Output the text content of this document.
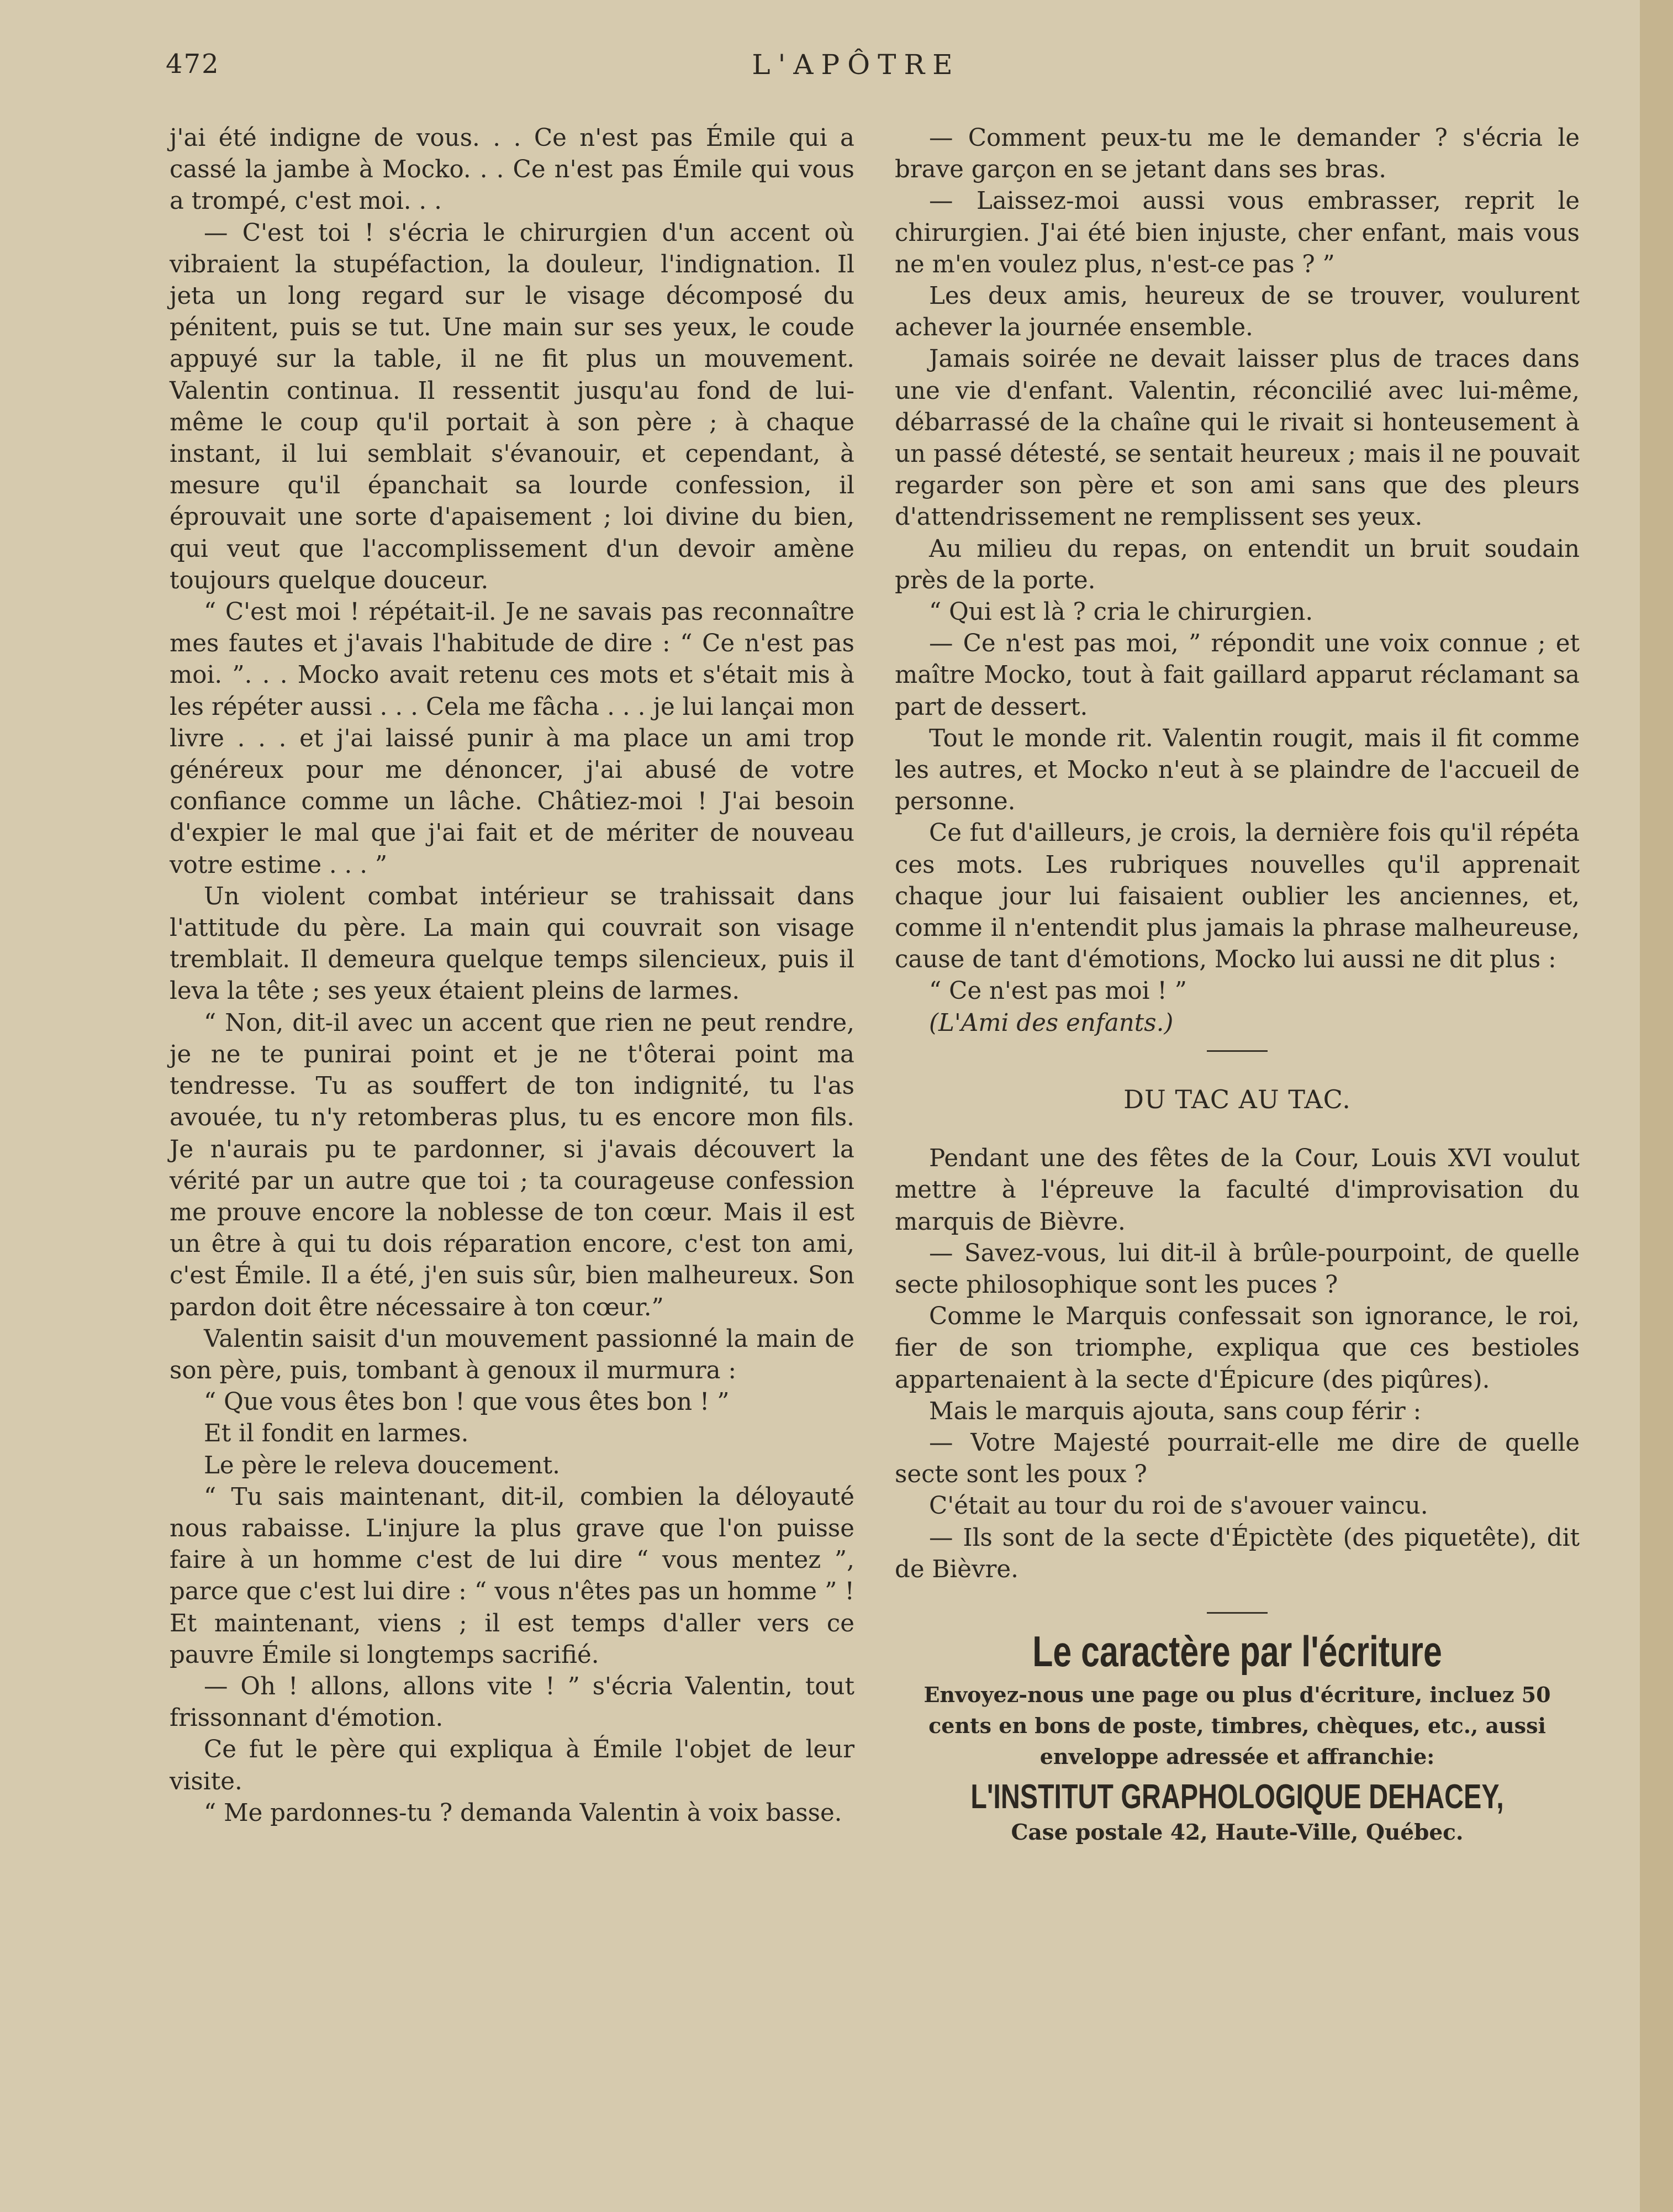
472	L'APÔTRE

j'ai été indigne de vous. . . Ce n'est pas Émile qui a cassé la jambe à Mocko. . . Ce n'est pas Émile qui vous a trompé, c'est moi. . .

— C'est toi ! s'écria le chirurgien d'un accent où vibraient la stupéfaction, la douleur, l'indignation. Il jeta un long regard sur le visage décomposé du pénitent, puis se tut. Une main sur ses yeux, le coude appuyé sur la table, il ne fit plus un mouvement. Valentin continua. Il ressentit jusqu'au fond de lui-même le coup qu'il portait à son père ; à chaque instant, il lui semblait s'évanouir, et cependant, à mesure qu'il épanchait sa lourde confession, il éprouvait une sorte d'apaisement ; loi divine du bien, qui veut que l'accomplissement d'un devoir amène toujours quelque douceur.

“ C'est moi ! répétait-il. Je ne savais pas reconnaître mes fautes et j'avais l'habitude de dire : “ Ce n'est pas moi. ”. . . Mocko avait retenu ces mots et s'était mis à les répéter aussi . . . Cela me fâcha . . . je lui lançai mon livre . . . et j'ai laissé punir à ma place un ami trop généreux pour me dénoncer, j'ai abusé de votre confiance comme un lâche. Châtiez-moi ! J'ai besoin d'expier le mal que j'ai fait et de mériter de nouveau votre estime . . . ”

Un violent combat intérieur se trahissait dans l'attitude du père. La main qui couvrait son visage tremblait. Il demeura quelque temps silencieux, puis il leva la tête ; ses yeux étaient pleins de larmes.

“ Non, dit-il avec un accent que rien ne peut rendre, je ne te punirai point et je ne t'ôterai point ma tendresse. Tu as souffert de ton indignité, tu l'as avouée, tu n'y retomberas plus, tu es encore mon fils. Je n'aurais pu te pardonner, si j'avais découvert la vérité par un autre que toi ; ta courageuse confession me prouve encore la noblesse de ton cœur. Mais il est un être à qui tu dois réparation encore, c'est ton ami, c'est Émile. Il a été, j'en suis sûr, bien malheureux. Son pardon doit être nécessaire à ton cœur.”

Valentin saisit d'un mouvement passionné la main de son père, puis, tombant à genoux il murmura :

“ Que vous êtes bon ! que vous êtes bon ! ”

Et il fondit en larmes.

Le père le releva doucement.

“ Tu sais maintenant, dit-il, combien la déloyauté nous rabaisse. L'injure la plus grave que l'on puisse faire à un homme c'est de lui dire “ vous mentez ”, parce que c'est lui dire : “ vous n'êtes pas un homme ” ! Et maintenant, viens ; il est temps d'aller vers ce pauvre Émile si longtemps sacrifié.

— Oh ! allons, allons vite ! ” s'écria Valentin, tout frissonnant d'émotion.

Ce fut le père qui expliqua à Émile l'objet de leur visite.

“ Me pardonnes-tu ? demanda Valentin à voix basse.

— Comment peux-tu me le demander ? s'écria le brave garçon en se jetant dans ses bras.

— Laissez-moi aussi vous embrasser, reprit le chirurgien. J'ai été bien injuste, cher enfant, mais vous ne m'en voulez plus, n'est-ce pas ? ”

Les deux amis, heureux de se trouver, voulurent achever la journée ensemble.

Jamais soirée ne devait laisser plus de traces dans une vie d'enfant. Valentin, réconcilié avec lui-même, débarrassé de la chaîne qui le rivait si honteusement à un passé détesté, se sentait heureux ; mais il ne pouvait regarder son père et son ami sans que des pleurs d'attendrissement ne remplissent ses yeux.

Au milieu du repas, on entendit un bruit soudain près de la porte.

“ Qui est là ? cria le chirurgien.

— Ce n'est pas moi, ” répondit une voix connue ; et maître Mocko, tout à fait gaillard apparut réclamant sa part de dessert.

Tout le monde rit. Valentin rougit, mais il fit comme les autres, et Mocko n'eut à se plaindre de l'accueil de personne.

Ce fut d'ailleurs, je crois, la dernière fois qu'il répéta ces mots. Les rubriques nouvelles qu'il apprenait chaque jour lui faisaient oublier les anciennes, et, comme il n'entendit plus jamais la phrase malheureuse, cause de tant d'émotions, Mocko lui aussi ne dit plus :

“ Ce n'est pas moi ! ”

(L'Ami des enfants.)

DU TAC AU TAC.

Pendant une des fêtes de la Cour, Louis XVI voulut mettre à l'épreuve la faculté d'improvisation du marquis de Bièvre.

— Savez-vous, lui dit-il à brûle-pourpoint, de quelle secte philosophique sont les puces ?

Comme le Marquis confessait son ignorance, le roi, fier de son triomphe, expliqua que ces bestioles appartenaient à la secte d'Épicure (des piqûres).

Mais le marquis ajouta, sans coup férir :

— Votre Majesté pourrait-elle me dire de quelle secte sont les poux ?

C'était au tour du roi de s'avouer vaincu.

— Ils sont de la secte d'Épictète (des piquetête), dit de Bièvre.

Le caractère par l'écriture
Envoyez-nous une page ou plus d'écriture, incluez 50 cents en bons de poste, timbres, chèques, etc., aussi enveloppe adressée et affranchie:
L'INSTITUT GRAPHOLOGIQUE DEHACEY,
Case postale 42, Haute-Ville, Québec.
